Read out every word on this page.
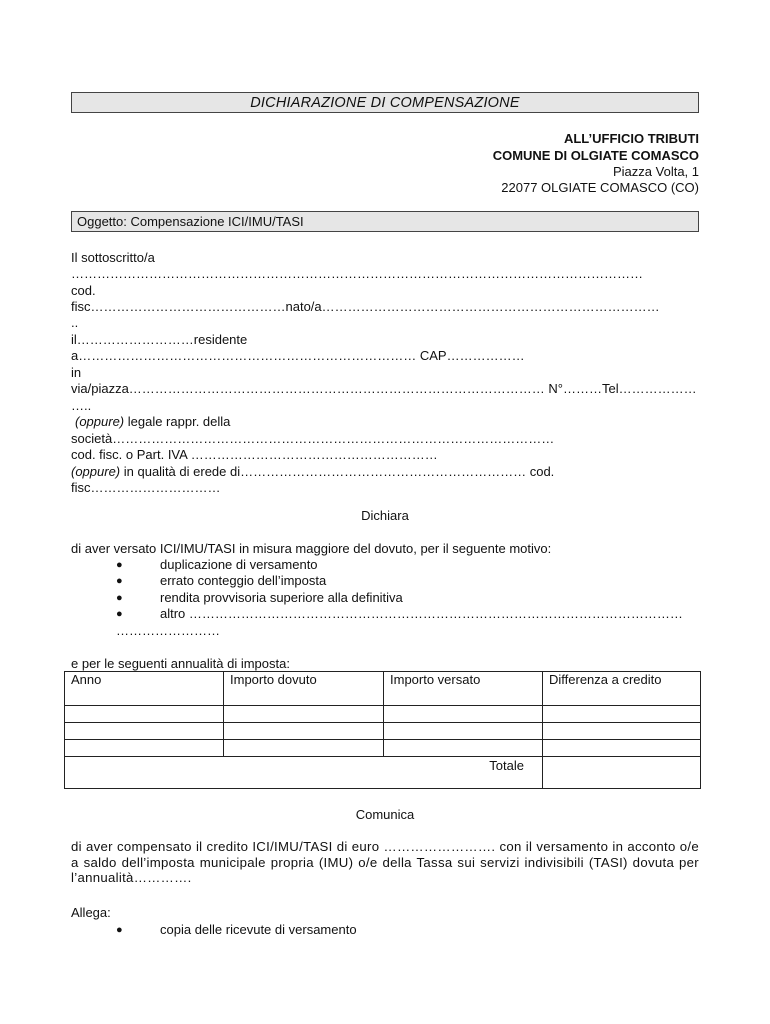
DICHIARAZIONE DI COMPENSAZIONE
ALL’UFFICIO TRIBUTI
COMUNE DI OLGIATE COMASCO
Piazza Volta, 1
22077 OLGIATE COMASCO (CO)
Oggetto: Compensazione ICI/IMU/TASI
Il sottoscritto/a
……………………………………………………………………………………………………………………
cod.
fisc………………………………………nato/a……………………………………………………………………
..
il………………………residente
a…………………………………………………………………… CAP………………
in
via/piazza…………………………………………………………………………………… N°………Tel………………
…..
(oppure) legale rappr. della
società…………………………………………………………………………………………
cod. fisc. o Part. IVA …………………………………………………
(oppure) in qualità di erede di………………………………………………………… cod.
fisc…………………………
Dichiara
di aver versato ICI/IMU/TASI in misura maggiore del dovuto, per il seguente motivo:
●	duplicazione di versamento
●	errato conteggio dell’imposta
●	rendita provvisoria superiore alla definitiva
●	altro ……………………………………………………………………………………………………
……………………
e per le seguenti annualità di imposta:
Anno	Importo dovuto	Importo versato	Differenza a credito

Totale			
Comunica
di aver compensato il credito ICI/IMU/TASI di euro ……………………. con il versamento in acconto o/e a saldo dell’imposta municipale propria (IMU) o/e della Tassa sui servizi indivisibili (TASI) dovuta per l’annualità………….
Allega:
●	copia delle ricevute di versamento
